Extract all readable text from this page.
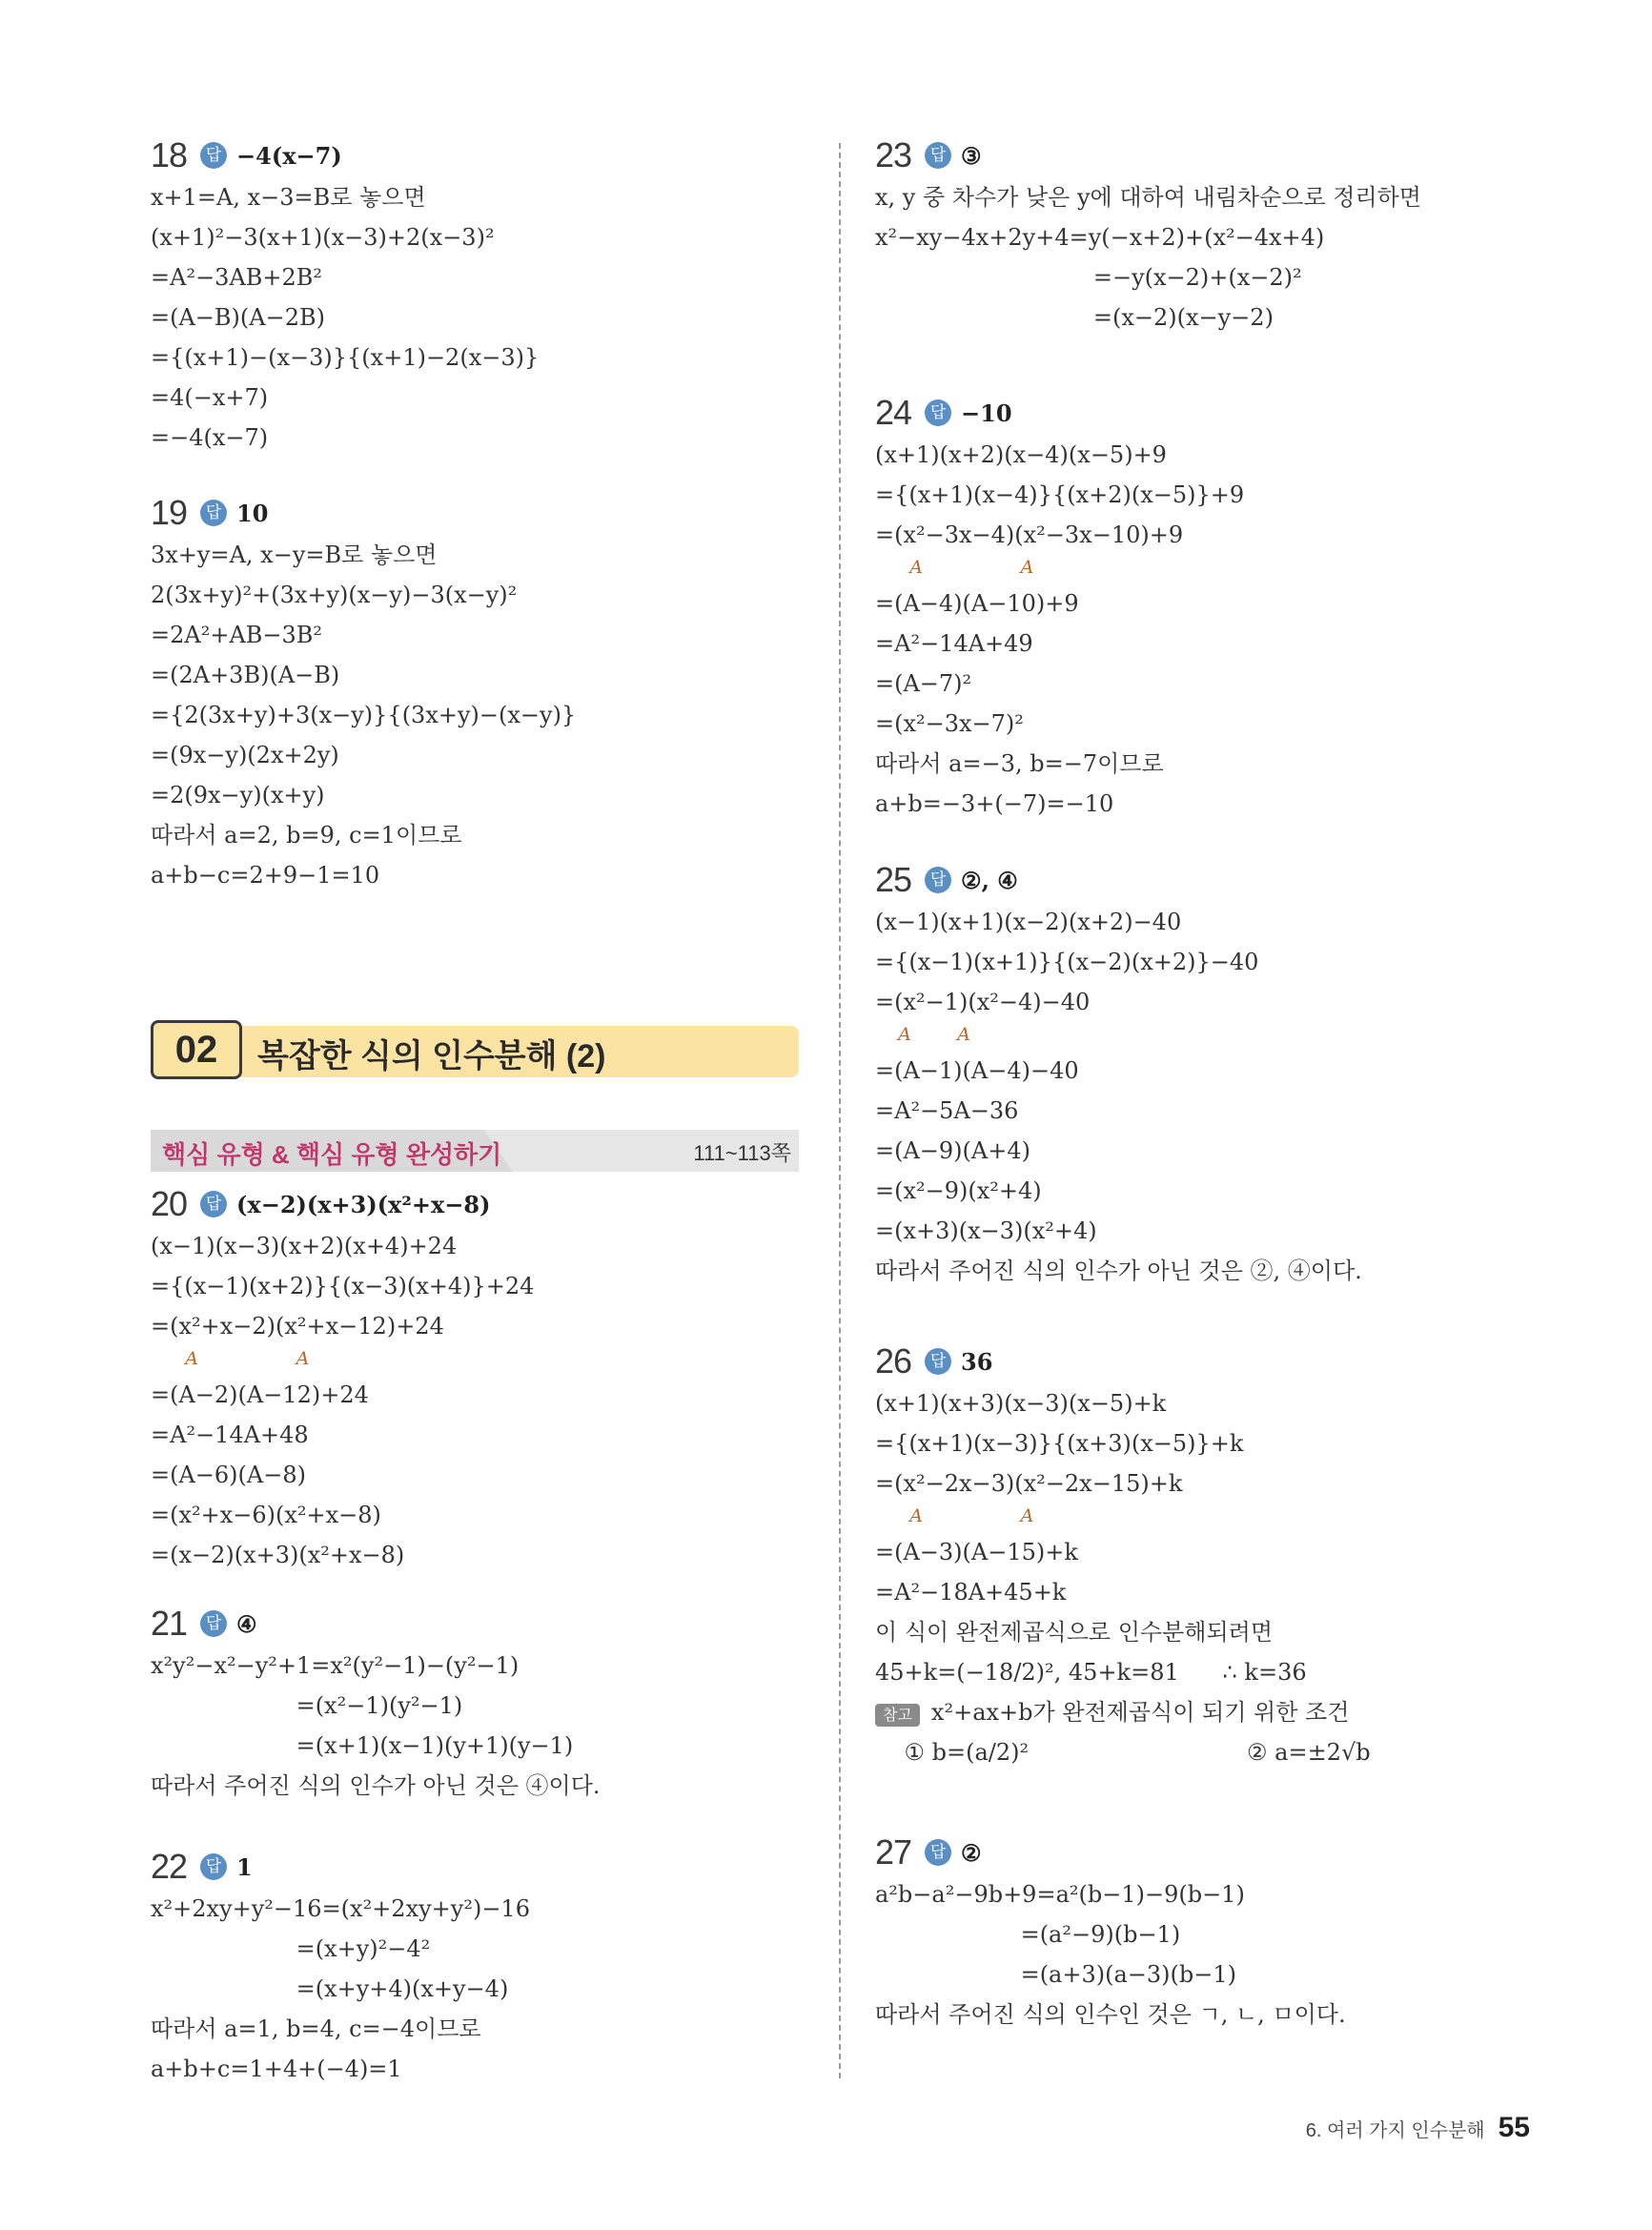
02	복잡한 식의 인수분해 (2)
핵심 유형 & 핵심 유형 완성하기	111~113쪽
18	답 −4(x−7)
x+1=A, x−3=B로 놓으면
(x+1)²−3(x+1)(x−3)+2(x−3)²
=A²−3AB+2B²
=(A−B)(A−2B)
={(x+1)−(x−3)}{(x+1)−2(x−3)}
=4(−x+7)
=−4(x−7)
19	답 10
3x+y=A, x−y=B로 놓으면
2(3x+y)²+(3x+y)(x−y)−3(x−y)²
=2A²+AB−3B²
=(2A+3B)(A−B)
={2(3x+y)+3(x−y)}{(3x+y)−(x−y)}
=(9x−y)(2x+2y)
=2(9x−y)(x+y)
따라서 a=2, b=9, c=1이므로
a+b−c=2+9−1=10
20	답 (x−2)(x+3)(x²+x−8)
(x−1)(x−3)(x+2)(x+4)+24
={(x−1)(x+2)}{(x−3)(x+4)}+24
=(x²+x−2)(x²+x−12)+24
A                 A
=(A−2)(A−12)+24
=A²−14A+48
=(A−6)(A−8)
=(x²+x−6)(x²+x−8)
=(x−2)(x+3)(x²+x−8)
21	답 ④
x²y²−x²−y²+1=x²(y²−1)−(y²−1)
=(x²−1)(y²−1)
=(x+1)(x−1)(y+1)(y−1)
따라서 주어진 식의 인수가 아닌 것은 ④이다.
22	답 1
x²+2xy+y²−16=(x²+2xy+y²)−16
=(x+y)²−4²
=(x+y+4)(x+y−4)
따라서 a=1, b=4, c=−4이므로
a+b+c=1+4+(−4)=1
23	답 ③
x, y 중 차수가 낮은 y에 대하여 내림차순으로 정리하면
x²−xy−4x+2y+4=y(−x+2)+(x²−4x+4)
=−y(x−2)+(x−2)²
=(x−2)(x−y−2)
24	답 −10
(x+1)(x+2)(x−4)(x−5)+9
={(x+1)(x−4)}{(x+2)(x−5)}+9
=(x²−3x−4)(x²−3x−10)+9
A                 A
=(A−4)(A−10)+9
=A²−14A+49
=(A−7)²
=(x²−3x−7)²
따라서 a=−3, b=−7이므로
a+b=−3+(−7)=−10
25	답 ②, ④
(x−1)(x+1)(x−2)(x+2)−40
={(x−1)(x+1)}{(x−2)(x+2)}−40
=(x²−1)(x²−4)−40
A        A
=(A−1)(A−4)−40
=A²−5A−36
=(A−9)(A+4)
=(x²−9)(x²+4)
=(x+3)(x−3)(x²+4)
따라서 주어진 식의 인수가 아닌 것은 ②, ④이다.
26	답 36
(x+1)(x+3)(x−3)(x−5)+k
={(x+1)(x−3)}{(x+3)(x−5)}+k
=(x²−2x−3)(x²−2x−15)+k
A                 A
=(A−3)(A−15)+k
=A²−18A+45+k
이 식이 완전제곱식으로 인수분해되려면
45+k=(−18/2)², 45+k=81      ∴ k=36
참고 x²+ax+b가 완전제곱식이 되기 위한 조건
① b=(a/2)²                              ② a=±2√b
27	답 ②
a²b−a²−9b+9=a²(b−1)−9(b−1)
=(a²−9)(b−1)
=(a+3)(a−3)(b−1)
따라서 주어진 식의 인수인 것은 ㄱ, ㄴ, ㅁ이다.
6. 여러 가지 인수분해 55
